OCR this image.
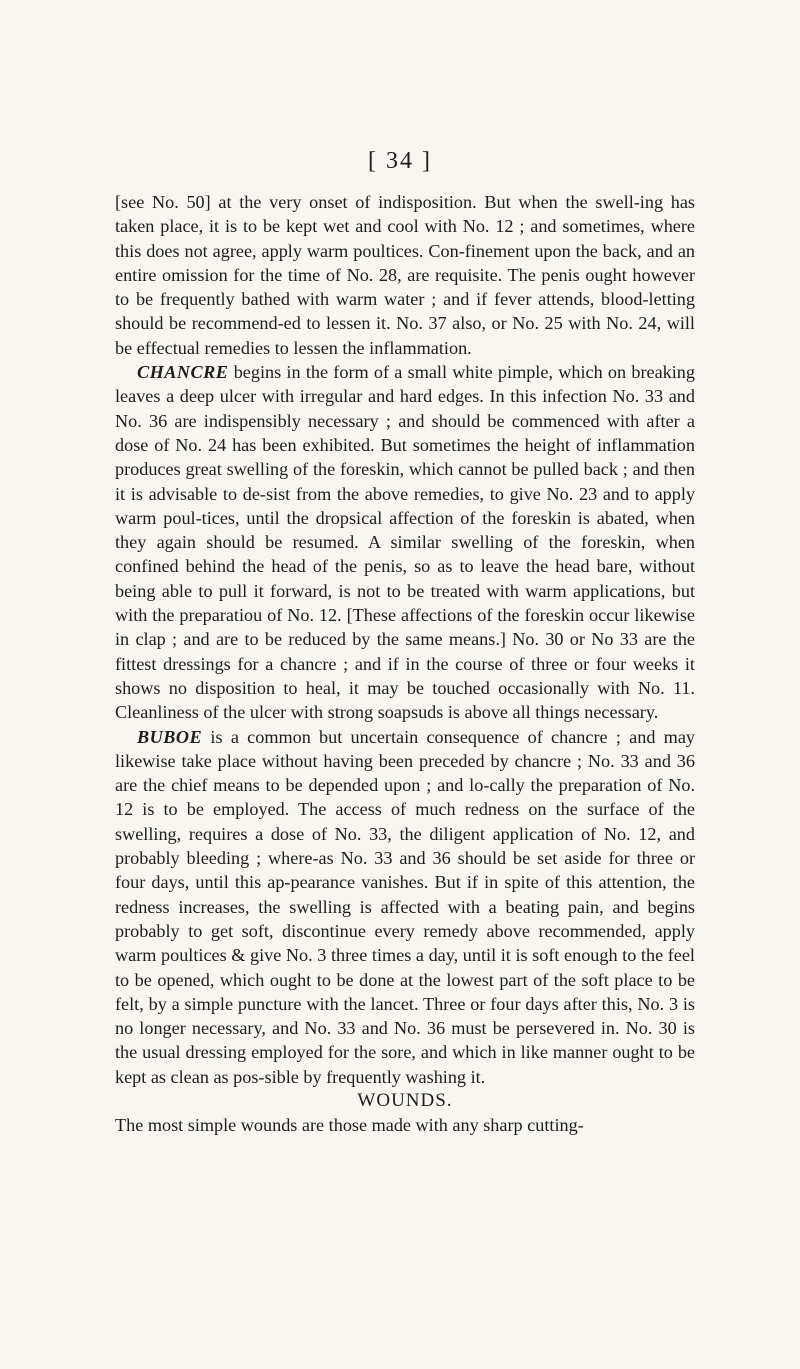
[ 34 ]

[see No. 50] at the very onset of indisposition. But when the swell-ing has taken place, it is to be kept wet and cool with No. 12 ; and sometimes, where this does not agree, apply warm poultices. Con-finement upon the back, and an entire omission for the time of No. 28, are requisite. The penis ought however to be frequently bathed with warm water ; and if fever attends, blood-letting should be recommend-ed to lessen it. No. 37 also, or No. 25 with No. 24, will be effectual remedies to lessen the inflammation.

CHANCRE begins in the form of a small white pimple, which on breaking leaves a deep ulcer with irregular and hard edges. In this infection No. 33 and No. 36 are indispensibly necessary ; and should be commenced with after a dose of No. 24 has been exhibited. But sometimes the height of inflammation produces great swelling of the foreskin, which cannot be pulled back ; and then it is advisable to de-sist from the above remedies, to give No. 23 and to apply warm poul-tices, until the dropsical affection of the foreskin is abated, when they again should be resumed. A similar swelling of the foreskin, when confined behind the head of the penis, so as to leave the head bare, without being able to pull it forward, is not to be treated with warm applications, but with the preparatiou of No. 12. [These affections of the foreskin occur likewise in clap ; and are to be reduced by the same means.] No. 30 or No 33 are the fittest dressings for a chancre ; and if in the course of three or four weeks it shows no disposition to heal, it may be touched occasionally with No. 11. Cleanliness of the ulcer with strong soapsuds is above all things necessary.

BUBOE is a common but uncertain consequence of chancre ; and may likewise take place without having been preceded by chancre ; No. 33 and 36 are the chief means to be depended upon ; and lo-cally the preparation of No. 12 is to be employed. The access of much redness on the surface of the swelling, requires a dose of No. 33, the diligent application of No. 12, and probably bleeding ; where-as No. 33 and 36 should be set aside for three or four days, until this ap-pearance vanishes. But if in spite of this attention, the redness increases, the swelling is affected with a beating pain, and begins probably to get soft, discontinue every remedy above recommended, apply warm poultices & give No. 3 three times a day, until it is soft enough to the feel to be opened, which ought to be done at the lowest part of the soft place to be felt, by a simple puncture with the lancet. Three or four days after this, No. 3 is no longer necessary, and No. 33 and No. 36 must be persevered in. No. 30 is the usual dressing employed for the sore, and which in like manner ought to be kept as clean as pos-sible by frequently washing it.

WOUNDS.

The most simple wounds are those made with any sharp cutting-
